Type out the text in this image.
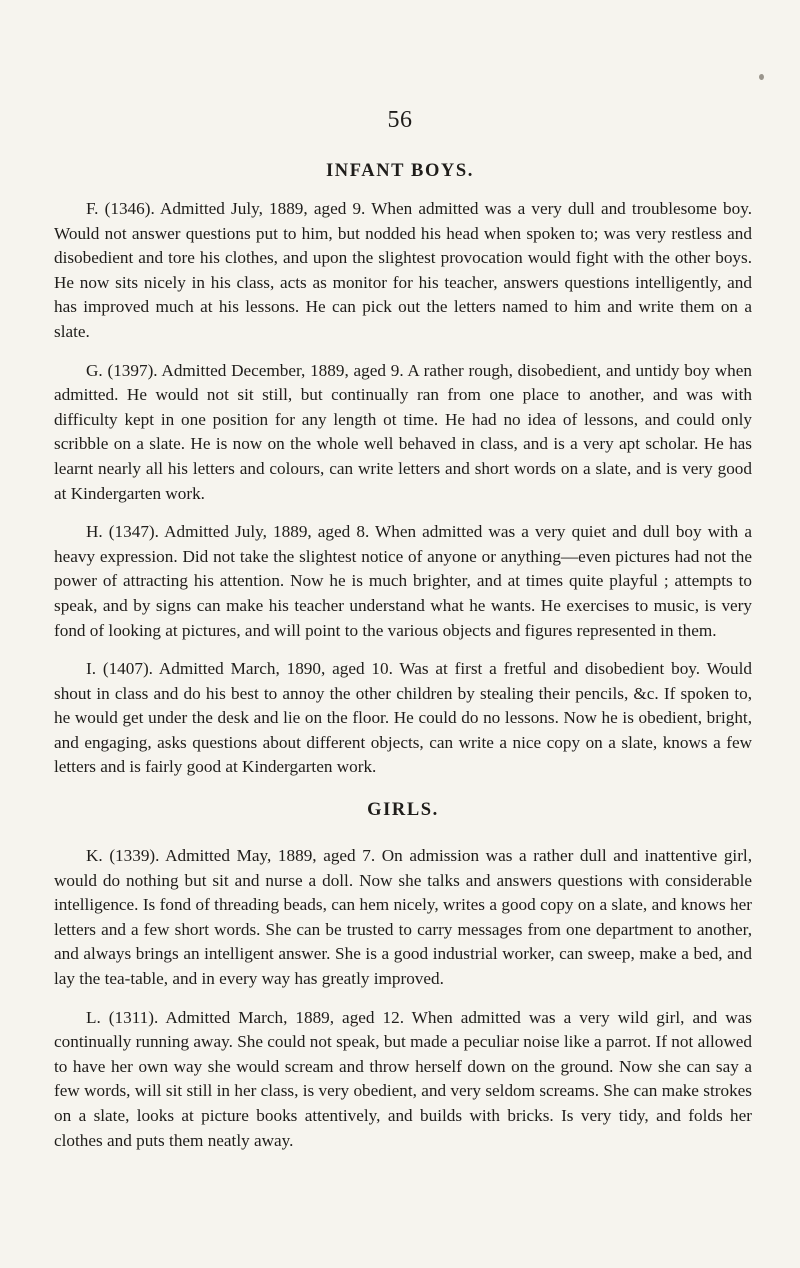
56
INFANT BOYS.

F. (1346). Admitted July, 1889, aged 9. When admitted was a very dull and troublesome boy. Would not answer questions put to him, but nodded his head when spoken to; was very restless and disobedient and tore his clothes, and upon the slightest provocation would fight with the other boys. He now sits nicely in his class, acts as monitor for his teacher, answers questions intelligently, and has improved much at his lessons. He can pick out the letters named to him and write them on a slate.

G. (1397). Admitted December, 1889, aged 9. A rather rough, disobedient, and untidy boy when admitted. He would not sit still, but continually ran from one place to another, and was with difficulty kept in one position for any length ot time. He had no idea of lessons, and could only scribble on a slate. He is now on the whole well behaved in class, and is a very apt scholar. He has learnt nearly all his letters and colours, can write letters and short words on a slate, and is very good at Kindergarten work.

H. (1347). Admitted July, 1889, aged 8. When admitted was a very quiet and dull boy with a heavy expression. Did not take the slightest notice of anyone or anything—even pictures had not the power of attracting his attention. Now he is much brighter, and at times quite playful ; attempts to speak, and by signs can make his teacher understand what he wants. He exercises to music, is very fond of looking at pictures, and will point to the various objects and figures represented in them.

I. (1407). Admitted March, 1890, aged 10. Was at first a fretful and disobedient boy. Would shout in class and do his best to annoy the other children by stealing their pencils, &c. If spoken to, he would get under the desk and lie on the floor. He could do no lessons. Now he is obedient, bright, and engaging, asks questions about different objects, can write a nice copy on a slate, knows a few letters and is fairly good at Kindergarten work.

GIRLS.

K. (1339). Admitted May, 1889, aged 7. On admission was a rather dull and inattentive girl, would do nothing but sit and nurse a doll. Now she talks and answers questions with considerable intelligence. Is fond of threading beads, can hem nicely, writes a good copy on a slate, and knows her letters and a few short words. She can be trusted to carry messages from one department to another, and always brings an intelligent answer. She is a good industrial worker, can sweep, make a bed, and lay the tea-table, and in every way has greatly improved.

L. (1311). Admitted March, 1889, aged 12. When admitted was a very wild girl, and was continually running away. She could not speak, but made a peculiar noise like a parrot. If not allowed to have her own way she would scream and throw herself down on the ground. Now she can say a few words, will sit still in her class, is very obedient, and very seldom screams. She can make strokes on a slate, looks at picture books attentively, and builds with bricks. Is very tidy, and folds her clothes and puts them neatly away.
